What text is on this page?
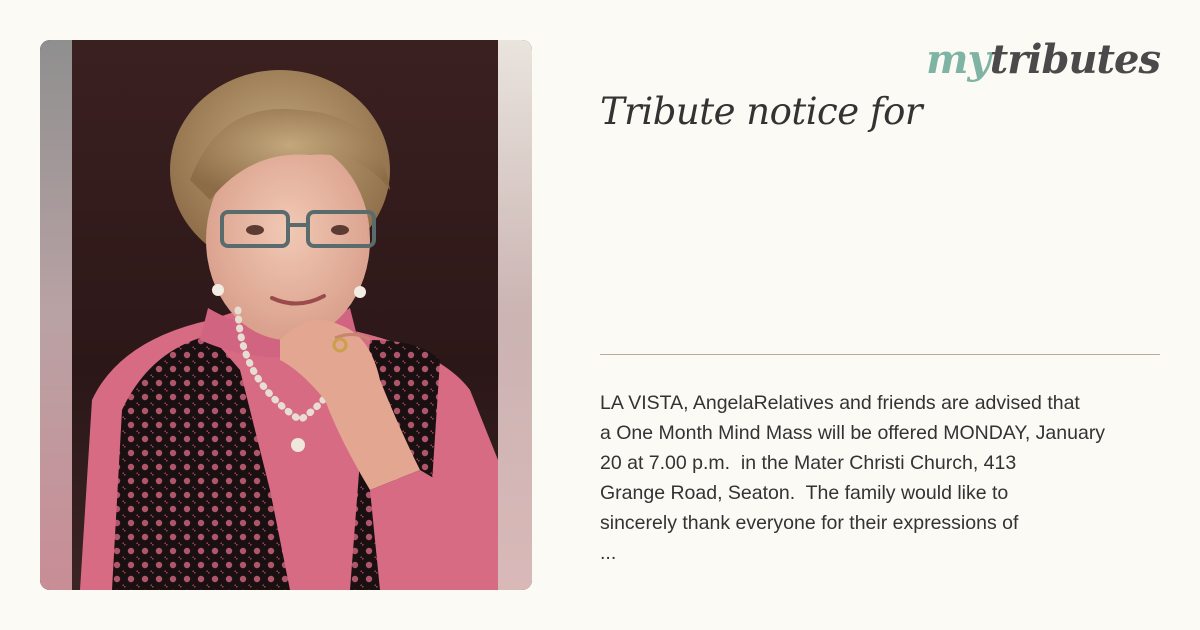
mytributes
Tribute notice for
LA VISTA, AngelaRelatives and friends are advised that
a One Month Mind Mass will be offered MONDAY, January
20 at 7.00 p.m.  in the Mater Christi Church, 413
Grange Road, Seaton.  The family would like to
sincerely thank everyone for their expressions of
...
